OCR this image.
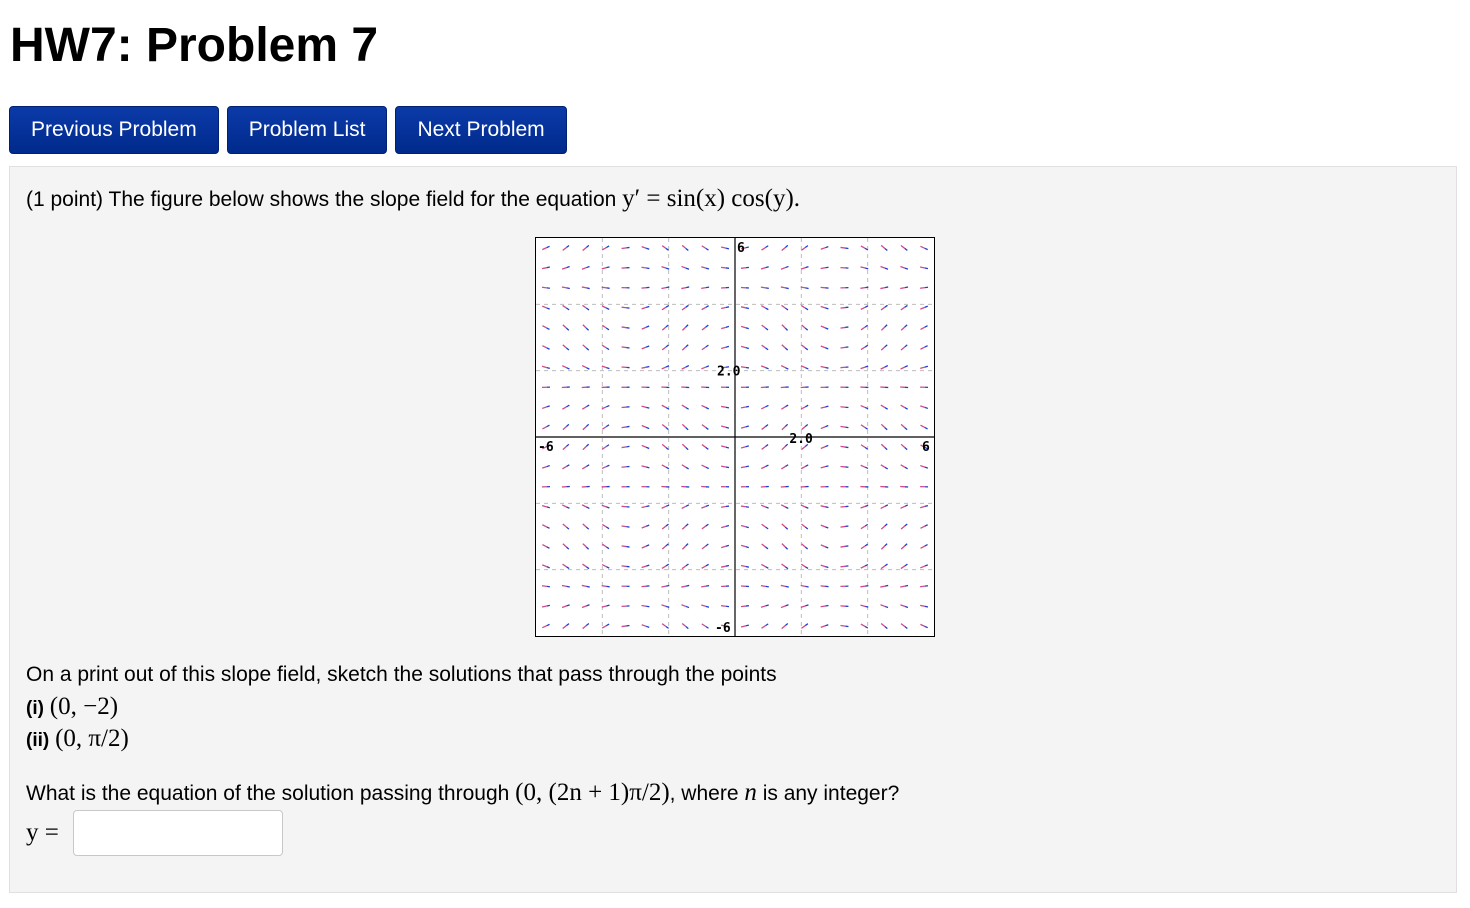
HW7: Problem 7
Previous Problem	Problem List	Next Problem
(1 point) The figure below shows the slope field for the equation y′ = sin(x) cos(y).
-6
-6
6
6
2.0
2.0
On a print out of this slope field, sketch the solutions that pass through the points
(i) (0, −2)
(ii) (0, π/2)
What is the equation of the solution passing through (0, (2n + 1)π/2), where n is any integer?
y =
